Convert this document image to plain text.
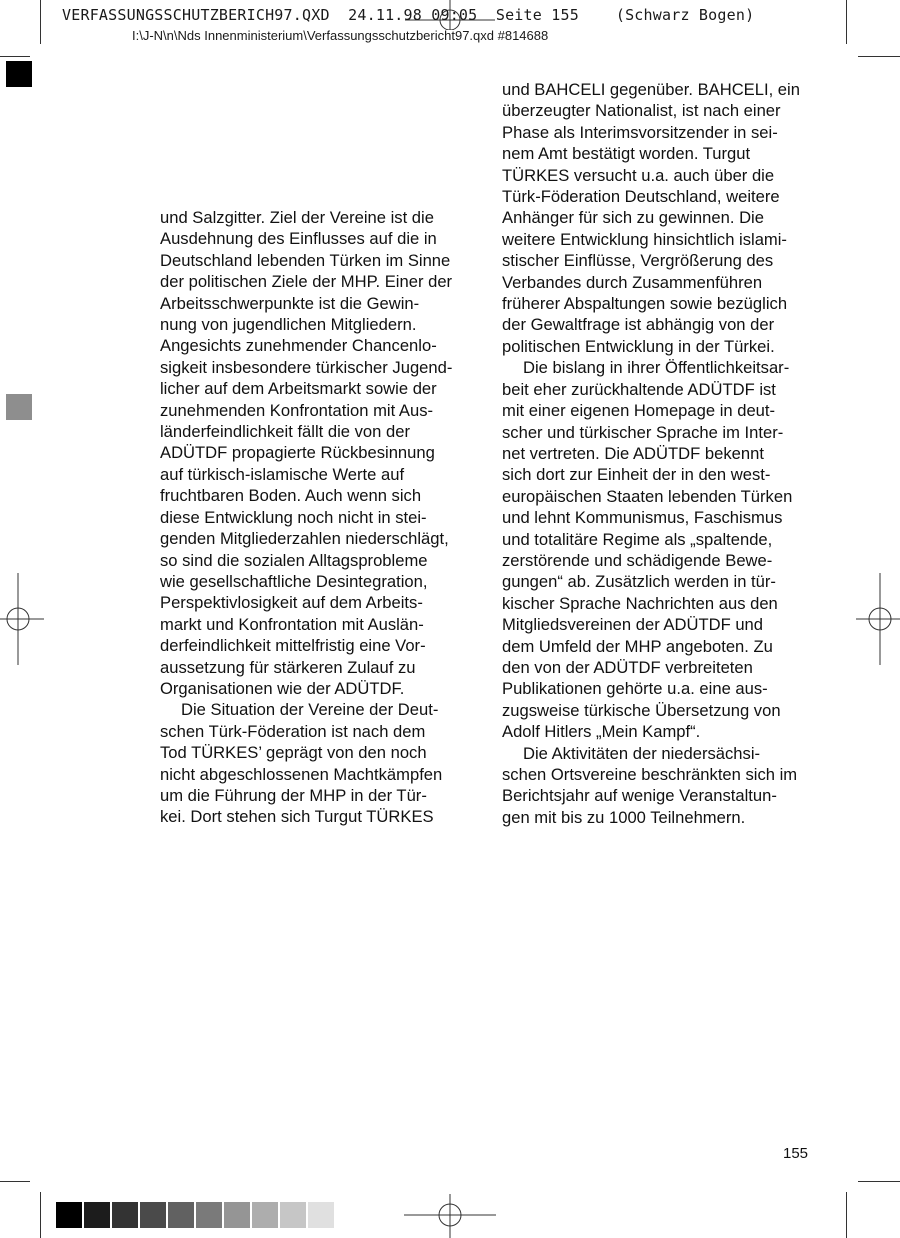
VERFASSUNGSSCHUTZBERICH97.QXD  24.11.98 09:05  Seite 155    (Schwarz Bogen)
I:\J-N\n\Nds Innenministerium\Verfassungsschutzbericht97.qxd #814688

und Salzgitter. Ziel der Vereine ist die
Ausdehnung des Einflusses auf die in
Deutschland lebenden Türken im Sinne
der politischen Ziele der MHP. Einer der
Arbeitsschwerpunkte ist die Gewin-
nung von jugendlichen Mitgliedern.
Angesichts zunehmender Chancenlo-
sigkeit insbesondere türkischer Jugend-
licher auf dem Arbeitsmarkt sowie der
zunehmenden Konfrontation mit Aus-
länderfeindlichkeit fällt die von der
ADÜTDF propagierte Rückbesinnung
auf türkisch-islamische Werte auf
fruchtbaren Boden. Auch wenn sich
diese Entwicklung noch nicht in stei-
genden Mitgliederzahlen niederschlägt,
so sind die sozialen Alltagsprobleme
wie gesellschaftliche Desintegration,
Perspektivlosigkeit auf dem Arbeits-
markt und Konfrontation mit Auslän-
derfeindlichkeit mittelfristig eine Vor-
aussetzung für stärkeren Zulauf zu
Organisationen wie der ADÜTDF.

Die Situation der Vereine der Deut-
schen Türk-Föderation ist nach dem
Tod TÜRKES’ geprägt von den noch
nicht abgeschlossenen Machtkämpfen
um die Führung der MHP in der Tür-
kei. Dort stehen sich Turgut TÜRKES

und BAHCELI gegenüber. BAHCELI, ein
überzeugter Nationalist, ist nach einer
Phase als Interimsvorsitzender in sei-
nem Amt bestätigt worden. Turgut
TÜRKES versucht u.a. auch über die
Türk-Föderation Deutschland, weitere
Anhänger für sich zu gewinnen. Die
weitere Entwicklung hinsichtlich islami-
stischer Einflüsse, Vergrößerung des
Verbandes durch Zusammenführen
früherer Abspaltungen sowie bezüglich
der Gewaltfrage ist abhängig von der
politischen Entwicklung in der Türkei.

Die bislang in ihrer Öffentlichkeitsar-
beit eher zurückhaltende ADÜTDF ist
mit einer eigenen Homepage in deut-
scher und türkischer Sprache im Inter-
net vertreten. Die ADÜTDF bekennt
sich dort zur Einheit der in den west-
europäischen Staaten lebenden Türken
und lehnt Kommunismus, Faschismus
und totalitäre Regime als „spaltende,
zerstörende und schädigende Bewe-
gungen“ ab. Zusätzlich werden in tür-
kischer Sprache Nachrichten aus den
Mitgliedsvereinen der ADÜTDF und
dem Umfeld der MHP angeboten. Zu
den von der ADÜTDF verbreiteten
Publikationen gehörte u.a. eine aus-
zugsweise türkische Übersetzung von
Adolf Hitlers „Mein Kampf“.

Die Aktivitäten der niedersächsi-
schen Ortsvereine beschränkten sich im
Berichtsjahr auf wenige Veranstaltun-
gen mit bis zu 1000 Teilnehmern.

155
